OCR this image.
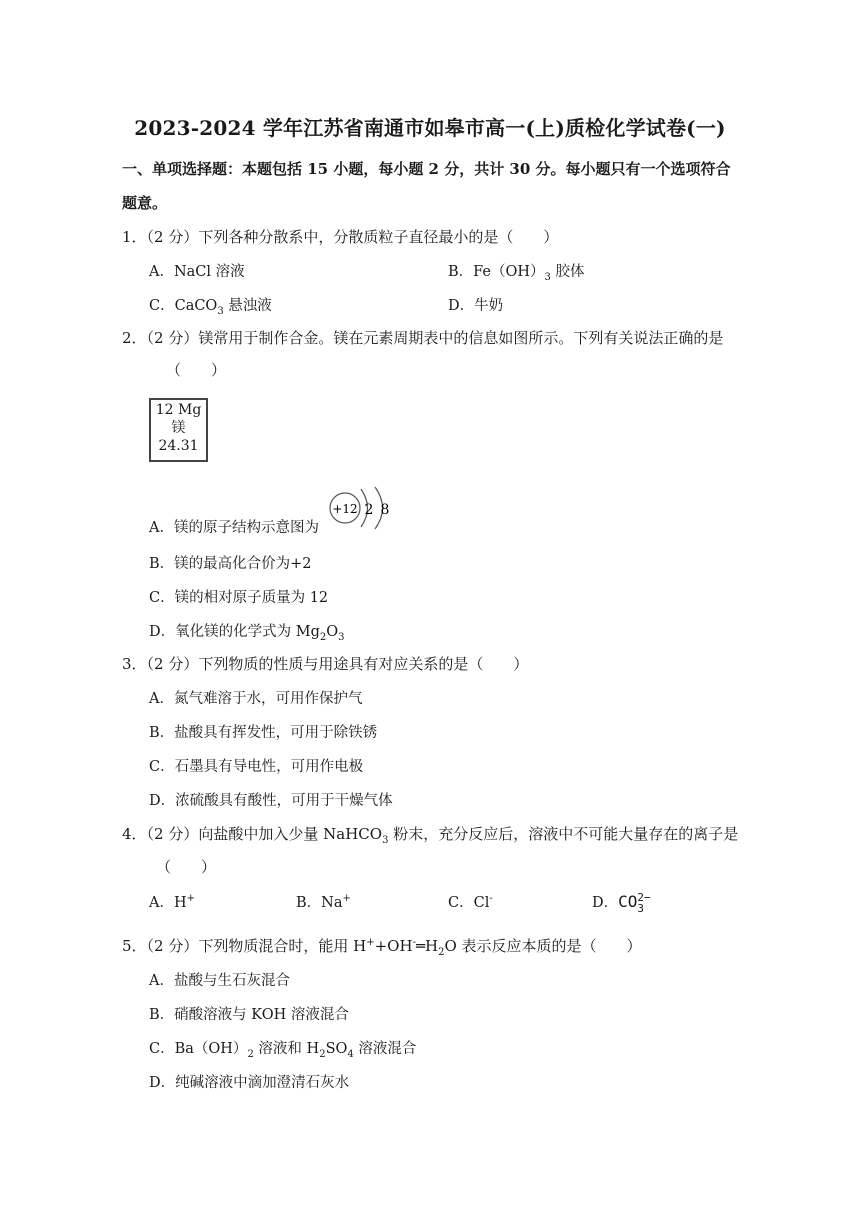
2023-2024 学年江苏省南通市如皋市高一(上)质检化学试卷(一)
一、单项选择题：本题包括 15 小题，每小题 2 分，共计 30 分。每小题只有一个选项符合
题意。
1．（2 分）下列各种分散系中，分散质粒子直径最小的是（　　）
A．NaCl 溶液	B．$Fe(OH)_3$ 胶体
C．CaCO$_3$ 悬浊液	D．牛奶
2．（2 分）镁常用于制作合金。镁在元素周期表中的信息如图所示。下列有关说法正确的是
（　　）
12 Mg
镁
24.31
A．镁的原子结构示意图为
+12 2 8
B．镁的最高化合价为+2
C．镁的相对原子质量为 12
D．氧化镁的化学式为 $Mg_2O_3$
3．（2 分）下列物质的性质与用途具有对应关系的是（　　）
A．氮气难溶于水，可用作保护气
B．盐酸具有挥发性，可用于除铁锈
C．石墨具有导电性，可用作电极
D．浓硫酸具有酸性，可用于干燥气体
4．（2 分）向盐酸中加入少量 NaHCO$_3$ 粉末，充分反应后，溶液中不可能大量存在的离子是
（　　）
A．H+	B．Na+	C．Cl-	D．CO 2−
3
5．（2 分）下列物质混合时，能用 $H^++OH^-═H_2O$ 表示反应本质的是（　　）
A．盐酸与生石灰混合
B．硝酸溶液与 KOH 溶液混合
C．$Ba(OH)_2$ 溶液和 $H_2SO_4$ 溶液混合
D．纯碱溶液中滴加澄清石灰水
